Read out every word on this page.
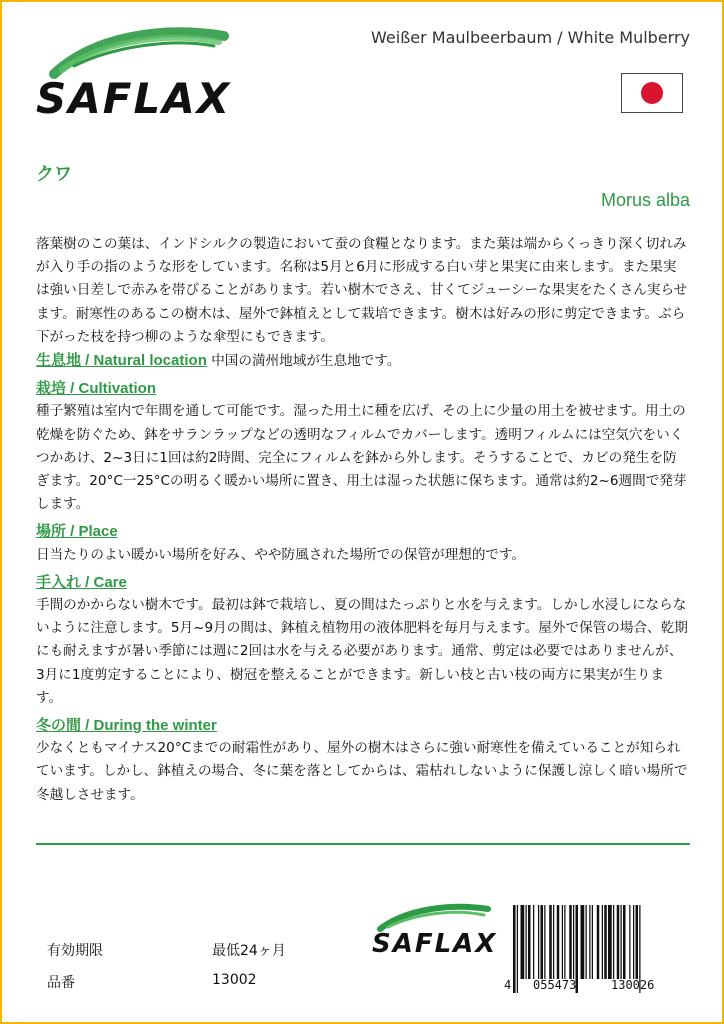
SAFLAX
Weißer Maulbeerbaum / White Mulberry
クワ
Morus alba

落葉樹のこの葉は、インドシルクの製造において蚕の食糧となります。また葉は端からくっきり深く切れみが入り手の指のような形をしています。名称は5月と6月に形成する白い芽と果実に由来します。また果実は強い日差しで赤みを帯びることがあります。若い樹木でさえ、甘くてジューシーな果実をたくさん実らせます。耐寒性のあるこの樹木は、屋外で鉢植えとして栽培できます。樹木は好みの形に剪定できます。ぶら下がった枝を持つ柳のような傘型にもできます。

生息地 / Natural location 中国の満州地域が生息地です。

栽培 / Cultivation

種子繁殖は室内で年間を通して可能です。湿った用土に種を広げ、その上に少量の用土を被せます。用土の乾燥を防ぐため、鉢をサランラップなどの透明なフィルムでカバーします。透明フィルムには空気穴をいくつかあけ、2~3日に1回は約2時間、完全にフィルムを鉢から外します。そうすることで、カビの発生を防ぎます。20°C一25°Cの明るく暖かい場所に置き、用土は湿った状態に保ちます。通常は約2~6週間で発芽します。

場所 / Place

日当たりのよい暖かい場所を好み、やや防風された場所での保管が理想的です。

手入れ / Care

手間のかからない樹木です。最初は鉢で栽培し、夏の間はたっぷりと水を与えます。しかし水浸しにならないように注意します。5月~9月の間は、鉢植え植物用の液体肥料を毎月与えます。屋外で保管の場合、乾期にも耐えますが暑い季節には週に2回は水を与える必要があります。通常、剪定は必要ではありませんが、3月に1度剪定することにより、樹冠を整えることができます。新しい枝と古い枝の両方に果実が生ります。

冬の間 / During the winter

少なくともマイナス20°Cまでの耐霜性があり、屋外の樹木はさらに強い耐寒性を備えていることが知られています。しかし、鉢植えの場合、冬に葉を落としてからは、霜枯れしないように保護し涼しく暗い場所で冬越しさせます。

有効期限	最低24ヶ月
品番	13002
SAFLAX
4 055473	130026
